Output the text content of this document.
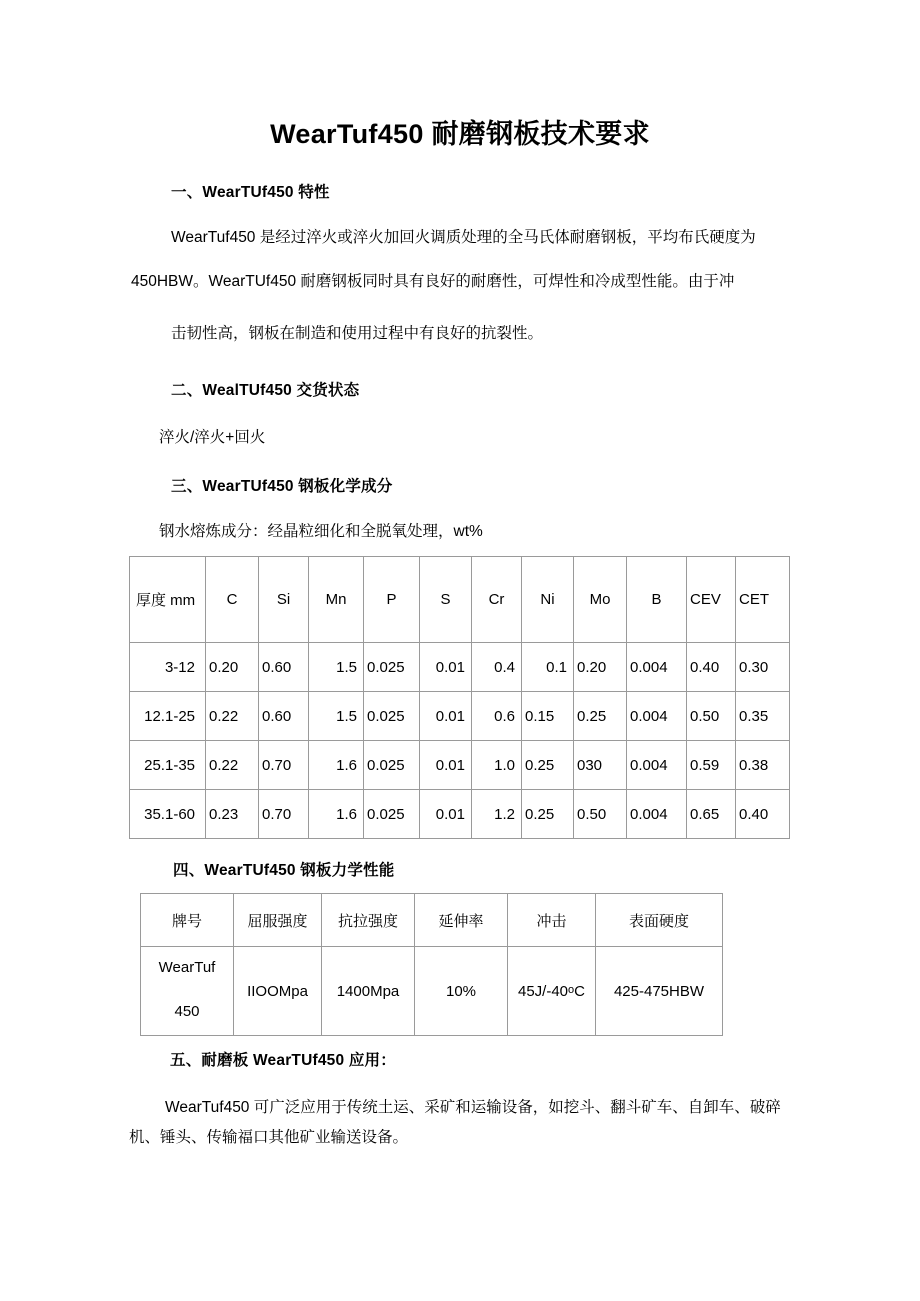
WearTuf450 耐磨钢板技术要求
一、WearTUf450 特性
WearTuf450 是经过淬火或淬火加回火调质处理的全马氏体耐磨钢板，平均布氏硬度为
450HBW。WearTUf450 耐磨钢板同时具有良好的耐磨性，可焊性和冷成型性能。由于冲
击韧性高，钢板在制造和使用过程中有良好的抗裂性。
二、WealTUf450 交货状态
淬火/淬火+回火
三、WearTUf450 钢板化学成分
钢水熔炼成分：经晶粒细化和全脱氧处理，wt%
厚度 mm	C	Si	Mn	P	S	Cr	Ni	Mo	B	CEV	CET
3-12	0.20	0.60	1.5	0.025	0.01	0.4	0.1	0.20	0.004	0.40	0.30
12.1-25	0.22	0.60	1.5	0.025	0.01	0.6	0.15	0.25	0.004	0.50	0.35
25.1-35	0.22	0.70	1.6	0.025	0.01	1.0	0.25	030	0.004	0.59	0.38
35.1-60	0.23	0.70	1.6	0.025	0.01	1.2	0.25	0.50	0.004	0.65	0.40
四、WearTUf450 钢板力学性能
牌号	屈服强度	抗拉强度	延伸率	冲击	表面硬度

WearTuf
450	IIOOMpa	1400Mpa	10%	45J/-40$^o$C	425-475HBW
五、耐磨板 WearTUf450 应用：
WearTuf450 可广泛应用于传统土运、采矿和运输设备，如挖斗、翻斗矿车、自卸车、破碎
机、锤头、传输福口其他矿业输送设备。
